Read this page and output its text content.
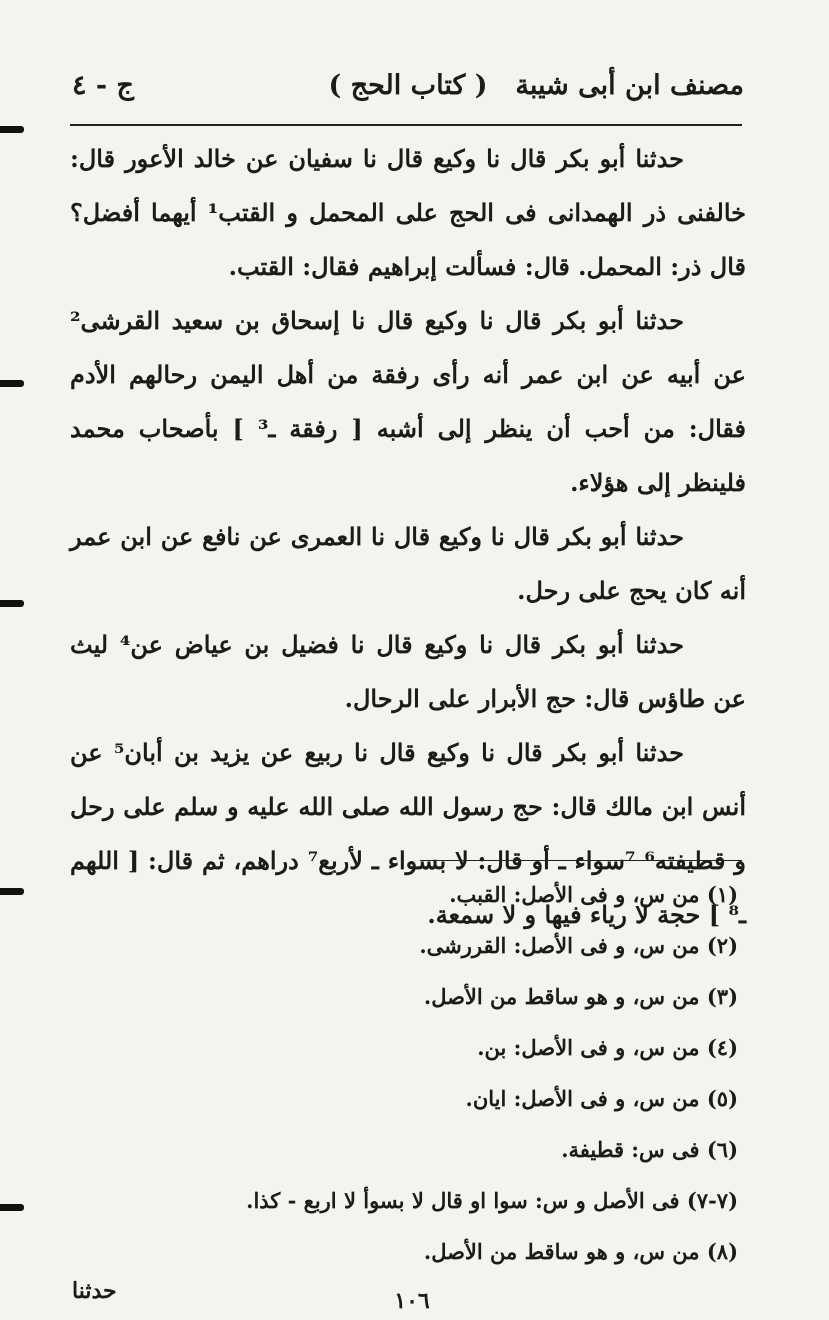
مصنف ابن أبى شيبة
( كتاب الحج )
ج - ٤

حدثنا أبو بكر قال نا وكيع قال نا سفيان عن خالد الأعور قال: خالفنى ذر الهمدانى فى الحج على المحمل و القتب¹ أيهما أفضل؟ قال ذر: المحمل. قال: فسألت إبراهيم فقال: القتب.

حدثنا أبو بكر قال نا وكيع قال نا إسحاق بن سعيد القرشى² عن أبيه عن ابن عمر أنه رأى رفقة من أهل اليمن رحالهم الأدم فقال: من أحب أن ينظر إلى أشبه [ رفقة ـ³ ] بأصحاب محمد فلينظر إلى هؤلاء.

حدثنا أبو بكر قال نا وكيع قال نا العمرى عن نافع عن ابن عمر أنه كان يحج على رحل.

حدثنا أبو بكر قال نا وكيع قال نا فضيل بن عياض عن⁴ ليث عن طاؤس قال: حج الأبرار على الرحال.

حدثنا أبو بكر قال نا وكيع قال نا ربيع عن يزيد بن أبان⁵ عن أنس ابن مالك قال: حج رسول الله صلى الله عليه و سلم على رحل و قطيفته⁶ ⁷سواء ـ أو قال: لا بسواء ـ لأربع⁷ دراهم، ثم قال: [ اللهم ـ⁸ ] حجة لا رياء فيها و لا سمعة.

(١) من س، و فى الأصل: القبب.
(٢) من س، و فى الأصل: القررشى.
(٣) من س، و هو ساقط من الأصل.
(٤) من س، و فى الأصل: بن.
(٥) من س، و فى الأصل: ايان.
(٦) فى س: قطيفة.
(٧-٧) فى الأصل و س: سوا او قال لا بسوأ لا اربع - كذا.
(٨) من س، و هو ساقط من الأصل.
حدثنا	١٠٦
